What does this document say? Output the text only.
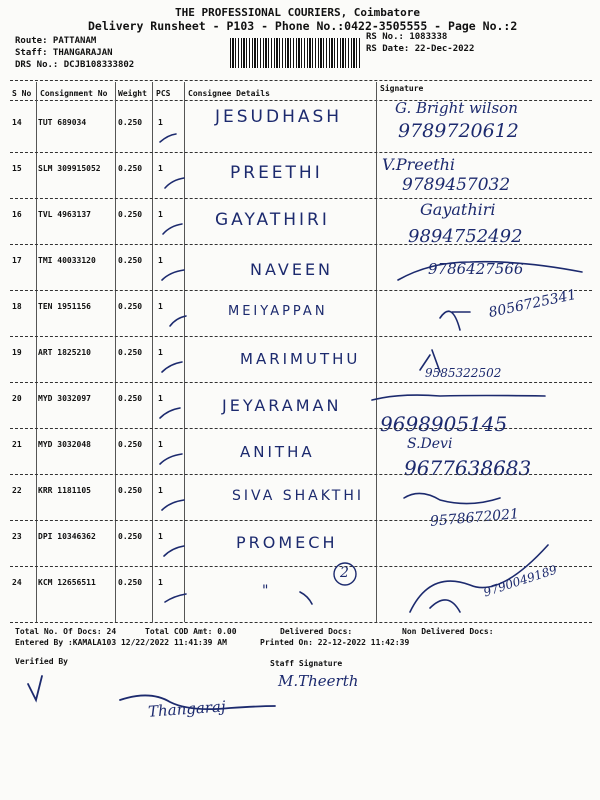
THE PROFESSIONAL COURIERS, Coimbatore
Delivery Runsheet - P103 - Phone No.:0422-3505555 - Page No.:2
Route: PATTANAM
Staff: THANGARAJAN
DRS No.: DCJB108333802
RS No.: 1083338
RS Date: 22-Dec-2022
S No Consignment No Weight PCS Consignee Details
Signature
14 TUT 689034	0.250 1	JESUDHASH	G. Bright wilson
9789720612
15 SLM 309915052 0.250 1	PREETHI	V.Preethi
9789457032
16 TVL 4963137	0.250 1	GAYATHIRI
Gayathiri
9894752492
17 TMI 40033120	0.250 1	NAVEEN	9786427566
18 TEN 1951156	0.250 1	MEIYAPPAN	8056725341
19 ART 1825210	0.250 1	MARIMUTHU
9585322502
20 MYD 3032097	0.250 1	JEYARAMAN
9698905145
21 MYD 3032048	0.250 1	ANITHA	S.Devi
9677638683
22 KRR 1181105	0.250 1	SIVA SHAKTHI
9578672021
23 DPI 10346362	0.250 1	PROMECH
24 KCM 12656511	0.250 1
"	9790049189
2
Total No. Of Docs: 24	Total COD Amt: 0.00	Delivered Docs:	Non Delivered Docs:
Entered By :KAMALA103 12/22/2022 11:41:39 AM	Printed On: 22-12-2022 11:42:39
Verified By	Staff Signature
M.Theerth
Thangaraj
